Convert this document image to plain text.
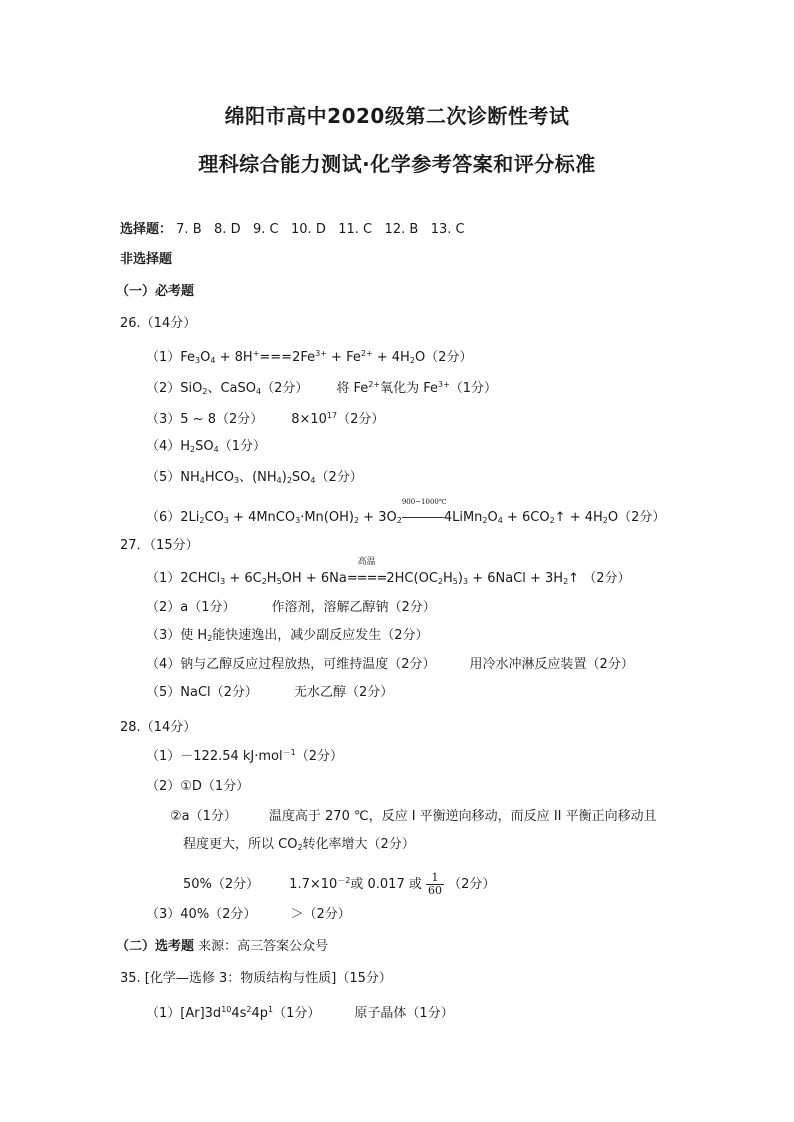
绵阳市高中2020级第二次诊断性考试
理科综合能力测试·化学参考答案和评分标准
选择题： 7. B 8. D 9. C 10. D 11. C 12. B 13. C
非选择题
（一）必考题
26.（14分）
$(1)Fe_3O_4 + 8H^+===2Fe^{3+} + Fe^{2+} + 4H_2O(2$分）
（2）SiO$_2$、CaSO$_4$（2分） 将 $Fe^{2+}$氧化为 $Fe^{3+}(1$分）
（3）5 ~ 8（2分） $8\times 10^{17}(2$分）
$(4)H_2SO_4(1$分）
$(5)NH_4HCO_3$、$(NH_4)_2SO_4(2$分）
$(6)2Li_2CO_3$ + $4MnCO_3\cdot Mn(OH)_2 + 3O_2$
900~1000℃
$4LiMn_2O_4$ + $6CO_2↑ + 4H_2O(2$分）
27．（15分）
（1）2CHCl$_3$ + $6C_2H_5OH + 6Na$
高温
$====2HC(OC_2H_5)_3$ + 6NaCl + $3H_2↑$ （2分）
（2）a（1分）	作溶剂，溶解乙醇钠（2分）
（3）使 $H_2$能快速逸出，减少副反应发生（2分）
（4）钠与乙醇反应过程放热，可维持温度（2分）	用冷水冲淋反应装置（2分）
（5）NaCl（2分）	无水乙醇（2分）
28.（14分）
（1）－122.54 kJ·mol$^{-1}$（2分）
（2）①D（1分）
②a（1分） 温度高于 270 ℃，反应 I 平衡逆向移动，而反应 II 平衡正向移动且
程度更大，所以 $CO_2$转化率增大（2分）
50%（2分） $1.7\times 10^{-2}$或 0.017 或 $\frac{1}{60} (2$分）
（3）40%（2分）	＞（2分）
（二）选考题 来源：高三答案公众号
35. [化学—选修 3：物质结构与性质]（15分）
$(1)[Ar]3d^{10}4s^24p^1(1$分）	原子晶体（1分）
